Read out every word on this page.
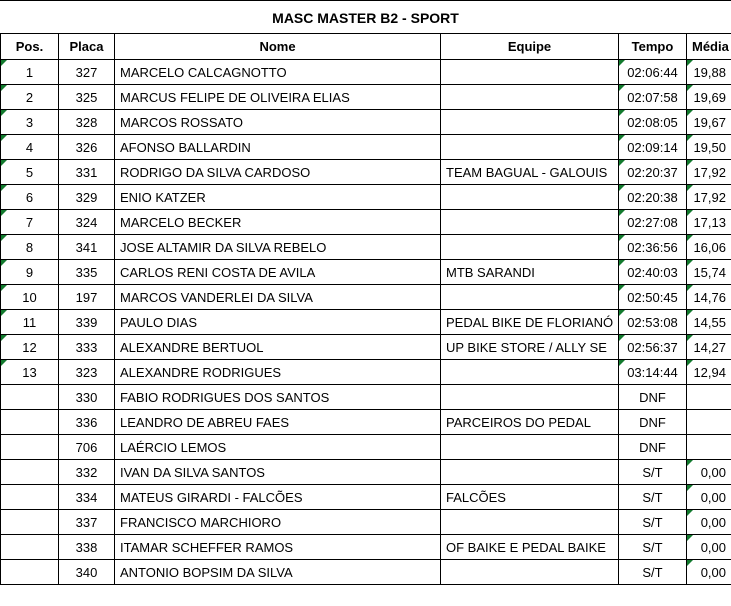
MASC MASTER B2 - SPORT
Pos.	Placa	Nome	Equipe	Tempo	Média
1	327	MARCELO CALCAGNOTTO		02:06:44	19,88
2	325	MARCUS FELIPE DE OLIVEIRA ELIAS		02:07:58	19,69
3	328	MARCOS ROSSATO		02:08:05	19,67
4	326	AFONSO BALLARDIN		02:09:14	19,50
5	331	RODRIGO DA SILVA CARDOSO	TEAM BAGUAL - GALOUIS	02:20:37	17,92
6	329	ENIO KATZER		02:20:38	17,92
7	324	MARCELO BECKER		02:27:08	17,13
8	341	JOSE ALTAMIR DA SILVA REBELO		02:36:56	16,06
9	335	CARLOS RENI COSTA DE AVILA	MTB SARANDI	02:40:03	15,74
10	197	MARCOS VANDERLEI DA SILVA		02:50:45	14,76
11	339	PAULO DIAS	PEDAL BIKE DE FLORIANÓ	02:53:08	14,55
12	333	ALEXANDRE BERTUOL	UP BIKE STORE / ALLY SE	02:56:37	14,27
13	323	ALEXANDRE RODRIGUES		03:14:44	12,94
	330	FABIO RODRIGUES DOS SANTOS		DNF	
	336	LEANDRO DE ABREU FAES	PARCEIROS DO PEDAL	DNF	
	706	LAÉRCIO LEMOS		DNF	
	332	IVAN DA SILVA SANTOS		S/T	0,00
	334	MATEUS GIRARDI - FALCÕES	FALCÕES	S/T	0,00
	337	FRANCISCO MARCHIORO		S/T	0,00
	338	ITAMAR SCHEFFER RAMOS	OF BAIKE E PEDAL BAIKE	S/T	0,00
	340	ANTONIO BOPSIM DA SILVA		S/T	0,00
